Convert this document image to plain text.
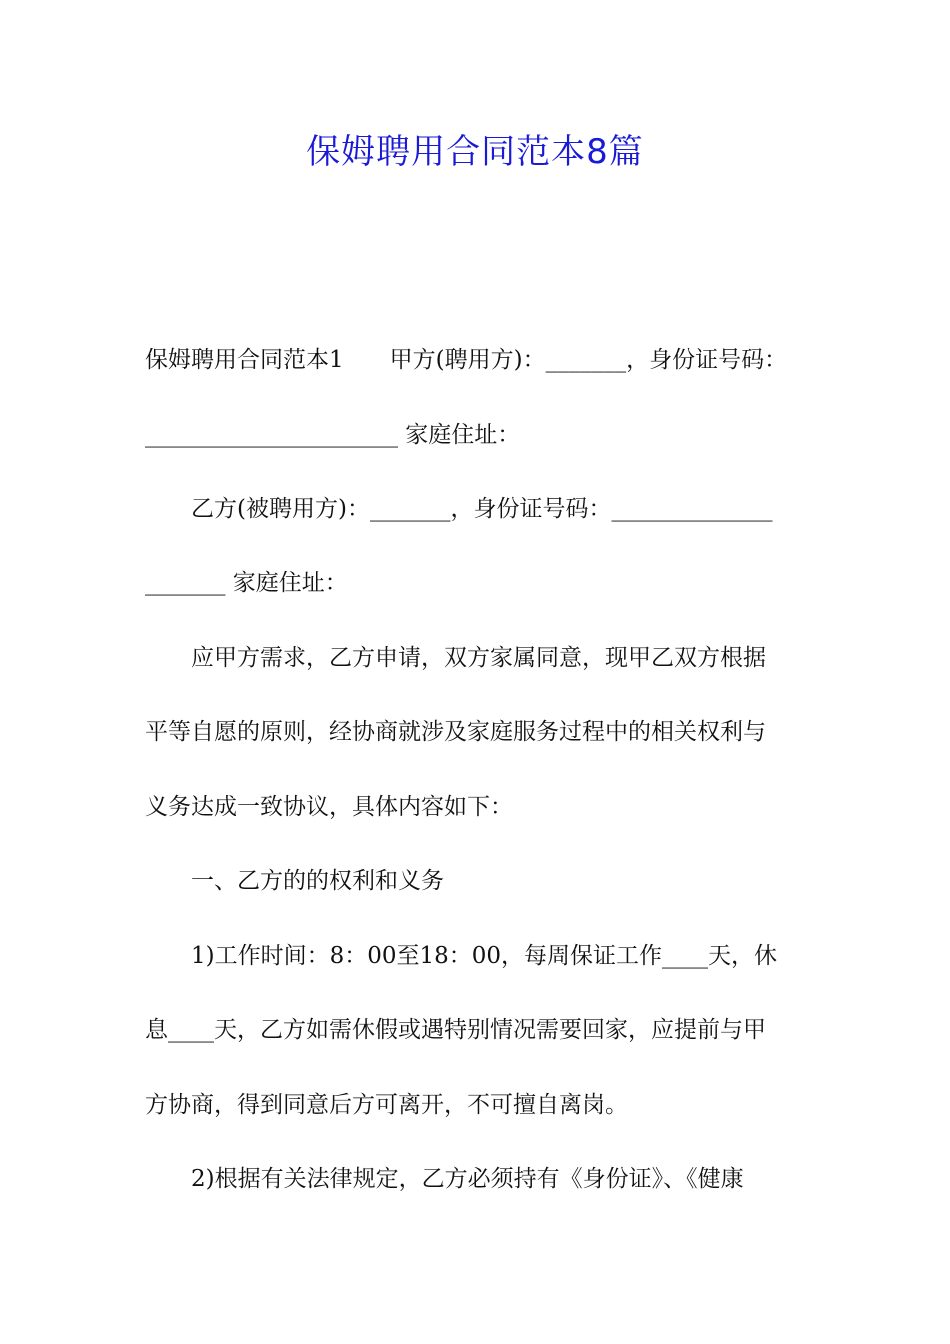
保姆聘用合同范本8篇
保姆聘用合同范本1　　甲方(聘用方)：_______，身份证号码：
______________________ 家庭住址：
　　乙方(被聘用方)：_______，身份证号码：______________
_______ 家庭住址：
　　应甲方需求，乙方申请，双方家属同意，现甲乙双方根据
平等自愿的原则，经协商就涉及家庭服务过程中的相关权利与
义务达成一致协议，具体内容如下：
　　一、乙方的的权利和义务
　　1)工作时间：8：00至18：00，每周保证工作____天，休
息____天，乙方如需休假或遇特别情况需要回家，应提前与甲
方协商，得到同意后方可离开，不可擅自离岗。
　　2)根据有关法律规定，乙方必须持有《身份证》、《健康
